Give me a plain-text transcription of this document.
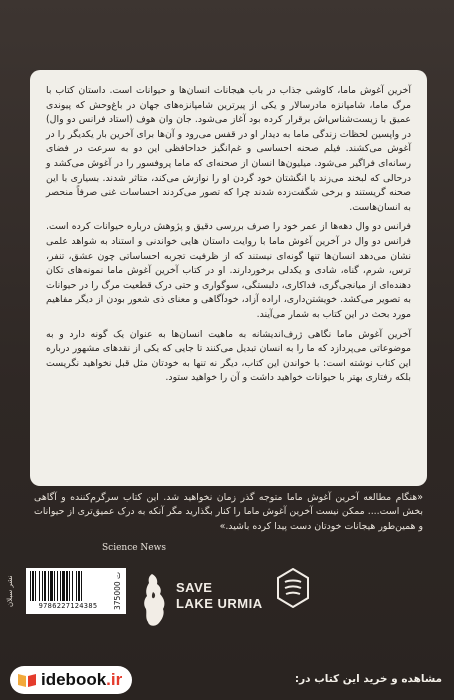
آخرین آغوش ماما، کاوشی جذاب در باب هیجانات انسان‌ها و حیوانات است. داستان کتاب با مرگ ماما، شامپانزه مادرسالار و یکی از پیرترین شامپانزه‌های جهان در باغ‌وحش که پیوندی عمیق با زیست‌شناس‌اش برقرار کرده بود آغاز می‌شود. جان وان هوف (استاد فرانس دو وال) در واپسین لحظات زندگی ماما به دیدار او در قفس می‌رود و آن‌ها برای آخرین بار یکدیگر را در آغوش می‌کشند. فیلم صحنه احساسی و غم‌انگیز خداحافظی این دو به سرعت در فضای رسانه‌ای فراگیر می‌شود. میلیون‌ها انسان از صحنه‌ای که ماما پروفسور را در آغوش می‌کشد و درحالی که لبخند می‌زند با انگشتان خود گردن او را نوازش می‌کند، متاثر شدند. بسیاری با این صحنه گریستند و برخی شگفت‌زده شدند چرا که تصور می‌کردند احساسات غنی صرفاً منحصر به انسان‌هاست.

فرانس دو وال دهه‌ها از عمر خود را صرف بررسی دقیق و پژوهش درباره حیوانات کرده است. فرانس دو وال در آخرین آغوش ماما با روایت داستان هایی خواندنی و استناد به شواهد علمی نشان می‌دهد انسان‌ها تنها گونه‌ای نیستند که از ظرفیت تجربه احساساتی چون عشق، تنفر، ترس، شرم، گناه، شادی و یکدلی برخوردارند. او در کتاب آخرین آغوش ماما نمونه‌های تکان دهنده‌ای از میانجی‌گری، فداکاری، دلبستگی، سوگواری و حتی درک قطعیت مرگ را در حیوانات به تصویر می‌کشد. خویشتن‌داری، اراده آزاد، خودآگاهی و معنای ذی شعور بودن از دیگر مفاهیم مورد بحث در این کتاب به شمار می‌آیند.

آخرین آغوش ماما نگاهی ژرف‌اندیشانه به ماهیت انسان‌ها به عنوان یک گونه دارد و به موضوعاتی می‌پردازد که ما را به انسان تبدیل می‌کنند تا جایی که یکی از نقدهای مشهور درباره این کتاب نوشته است: با خواندن این کتاب، دیگر نه تنها به خودتان مثل قبل نخواهید نگریست بلکه رفتاری بهتر با حیوانات خواهید داشت و آن را خواهید ستود.

«هنگام مطالعه آخرین آغوش ماما متوجه گذر زمان نخواهید شد. این کتاب سرگرم‌کننده و آگاهی بخش است.... ممکن نیست آخرین آغوش ماما را کنار بگذارید مگر آنکه به درک عمیق‌تری از حیوانات و همین‌طور هیجانات خودتان دست پیدا کرده باشید.»
Science News
نشر سبلان	9786227124385	375000 ت
SAVE
LAKE URMIA
مشاهده و خرید این کتاب در:
idebook .ir
